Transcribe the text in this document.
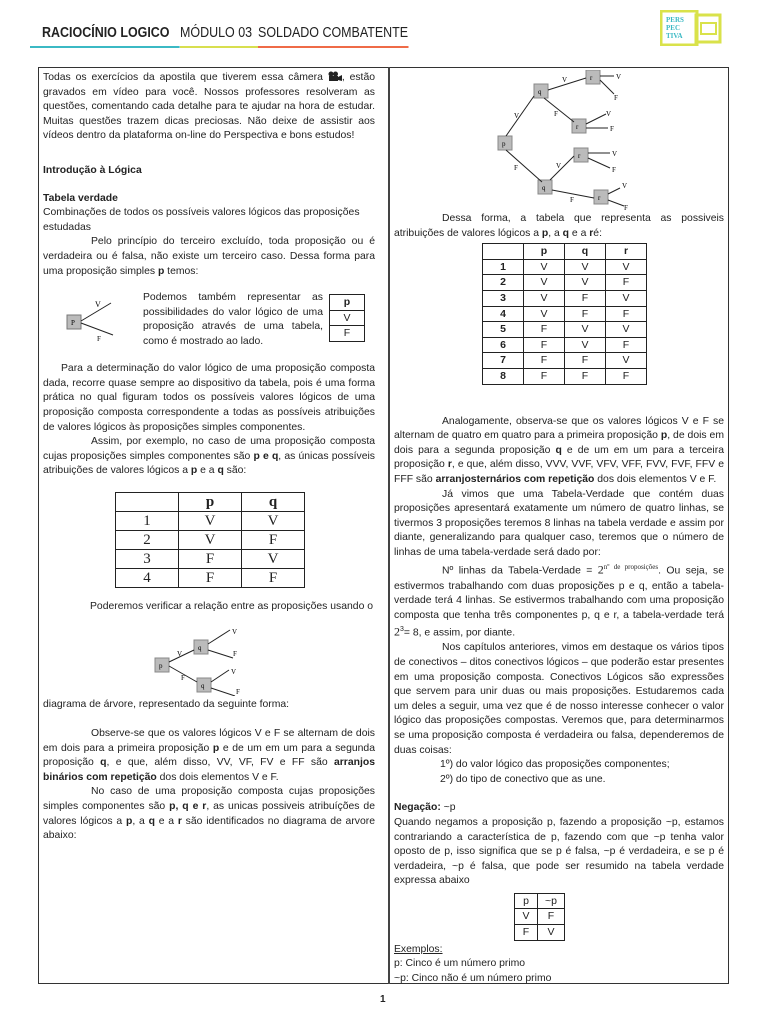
RACIOCÍNIO LOGICO MÓDULO 03 SOLDADO COMBATENTE
PERS
PEC
TIVA

Todas os exercícios da apostila que tiverem essa câmera , estão gravados em vídeo para você. Nossos professores resolveram as questões, comentando cada detalhe para te ajudar na hora de estudar. Muitas questões trazem dicas preciosas. Não deixe de assistir aos vídeos dentro da plataforma on-line do Perspectiva e bons estudos!

Introdução à Lógica

Tabela verdade

Combinações de todos os possíveis valores lógicos das proposições estudadas

Pelo princípio do terceiro excluído, toda proposição ou é verdadeira ou é falsa, não existe um terceiro caso. Dessa forma para uma proposição simples p temos:

P
V
F

Podemos também representar as possibilidades do valor lógico de uma proposição através de uma tabela, como é mostrado ao lado.

p
V
F

Para a determinação do valor lógico de uma proposição composta dada, recorre quase sempre ao dispositivo da tabela, pois é uma forma prática no qual figuram todos os possíveis valores lógicos de uma proposição composta correspondente a todas as possíveis atribuições de valores lógicos às proposições simples componentes.

Assim, por exemplo, no caso de uma proposição composta cujas proposições simples componentes são p e q, as únicas possíveis atribuições de valores lógicos a p e a q são:

	p	q
1	V	V
2	V	F
3	F	V
4	F	F

Poderemos verificar a relação entre as proposições usando o

p
q
q
V
F
V
F
V
F

diagrama de árvore, representado da seguinte forma:

Observe-se que os valores lógicos V e F se alternam de dois em dois para a primeira proposição p e de um em um para a segunda proposição q, e que, além disso, VV, VF, FV e FF são arranjos binários com repetição dos dois elementos V e F.

No caso de uma proposição composta cujas proposições simples componentes são p, q e r, as unicas possiveis atribuíções de valores lógicos a p, a q e a r são identificados no diagrama de arvore abaixo:

p
q
q
V
F
r
r
r
r
V
F
V
F
V
F
V
F
V
F
V
F

Dessa forma, a tabela que representa as possiveis atribuições de valores lógicos a p, a q e a ré:

	p	q	r
1	V	V	V
2	V	V	F
3	V	F	V
4	V	F	F
5	F	V	V
6	F	V	F
7	F	F	V
8	F	F	F

Analogamente, observa-se que os valores lógicos V e F se alternam de quatro em quatro para a primeira proposição p, de dois em dois para a segunda proposição q e de um em um para a terceira proposição r, e que, além disso, VVV, VVF, VFV, VFF, FVV, FVF, FFV e FFF são arranjosternários com repetição dos dois elementos V e F.

Já vimos que uma Tabela-Verdade que contém duas proposições apresentará exatamente um número de quatro linhas, se tivermos 3 proposições teremos 8 linhas na tabela verdade e assim por diante, generalizando para qualquer caso, teremos que o número de linhas de uma tabela-verdade será dado por:

Nº linhas da Tabela-Verdade = $2^{nº de proposições}$. Ou seja, se estivermos trabalhando com duas proposições p e q, então a tabela-verdade terá 4 linhas. Se estivermos trabalhando com uma proposição composta que tenha três componentes p, q e r, a tabela-verdade terá $2^3= 8$, e assim, por diante.

Nos capítulos anteriores, vimos em destaque os vários tipos de conectivos – ditos conectivos lógicos – que poderão estar presentes em uma proposição composta. Conectivos Lógicos são expressões que servem para unir duas ou mais proposições. Estudaremos cada um deles a seguir, uma vez que é de nosso interesse conhecer o valor lógico das proposições compostas. Veremos que, para determinarmos se uma proposição composta é verdadeira ou falsa, dependeremos de duas coisas:

1º) do valor lógico das proposições componentes;

2º) do tipo de conectivo que as une.

Negação: ~p

Quando negamos a proposição p, fazendo a proposição ~p, estamos contrariando a característica de p, fazendo com que ~p tenha valor oposto de p, isso significa que se p é falsa, ~p é verdadeira, e se p é verdadeira, ~p é falsa, que pode ser resumido na tabela verdade expressa abaixo

p	~p
V	F
F	V

Exemplos:

p: Cinco é um número primo

~p: Cinco não é um número primo

1
